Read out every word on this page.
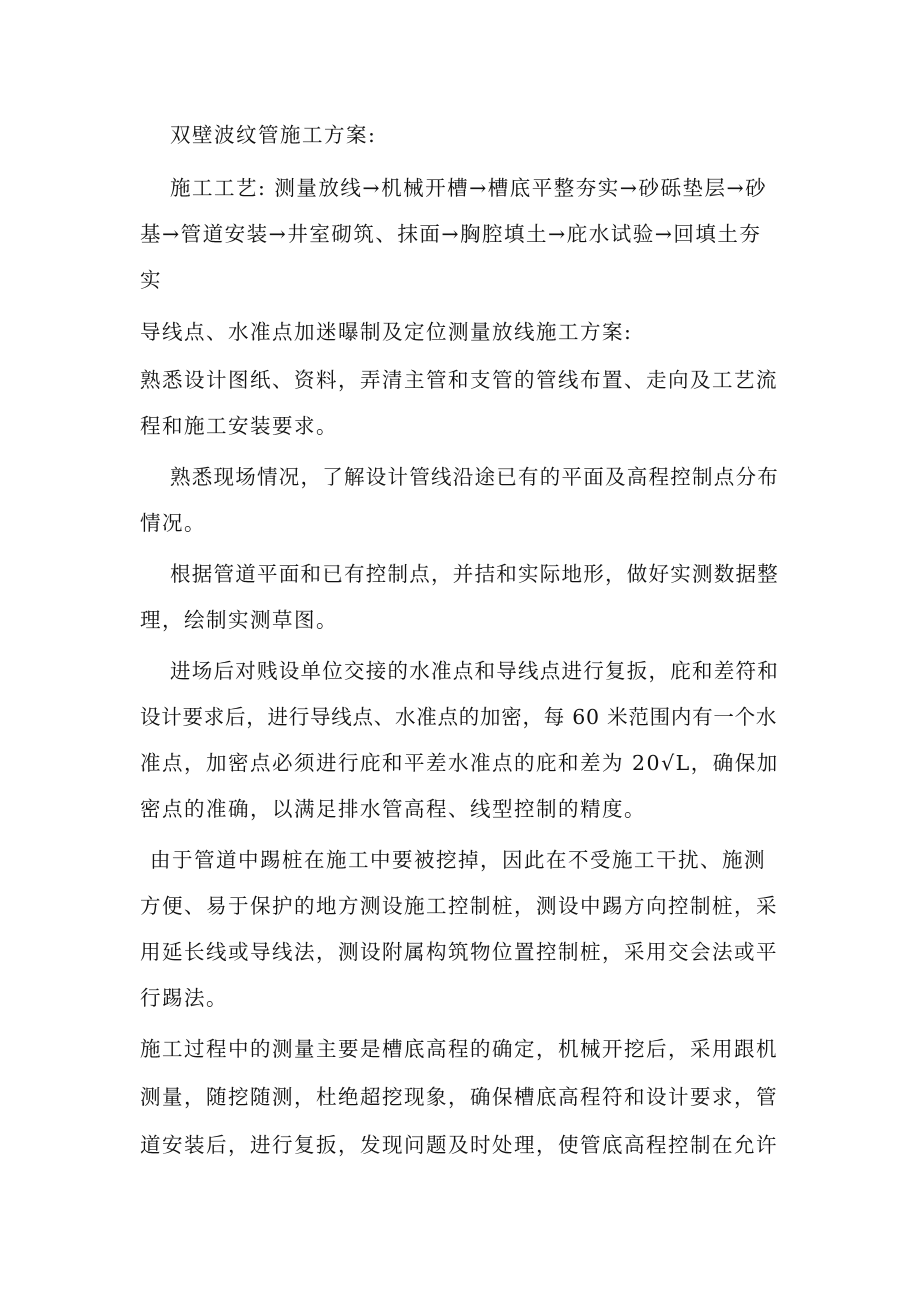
双壁波纹管施工方案:

施工工艺: 测量放线→机械开槽→槽底平整夯实→砂砾垫层→砂

基→管道安装→井室砌筑、抹面→胸腔填土→庇水试验→回填土夯

实

导线点、水准点加迷曝制及定位测量放线施工方案:

熟悉设计图纸、资料，弄清主管和支管的管线布置、走向及工艺流

程和施工安装要求。

熟悉现场情况，了解设计管线沿途已有的平面及高程控制点分布

情况。

根据管道平面和已有控制点，并拮和实际地形，做好实测数据整

理，绘制实测草图。

进场后对贱设单位交接的水准点和导线点进行复扳，庇和差符和

设计要求后，进行导线点、水准点的加密，每 60 米范围内有一个水

准点，加密点必须进行庇和平差水准点的庇和差为 20√L，确保加

密点的准确，以满足排水管高程、线型控制的精度。

由于管道中踢桩在施工中要被挖掉，因此在不受施工干扰、施测

方便、易于保护的地方测设施工控制桩，测设中踢方向控制桩，采

用延长线或导线法，测设附属构筑物位置控制桩，采用交会法或平

行踢法。

施工过程中的测量主要是槽底高程的确定，机械开挖后，采用跟机

测量，随挖随测，杜绝超挖现象，确保槽底高程符和设计要求，管

道安装后，进行复扳，发现问题及时处理，使管底高程控制在允许
